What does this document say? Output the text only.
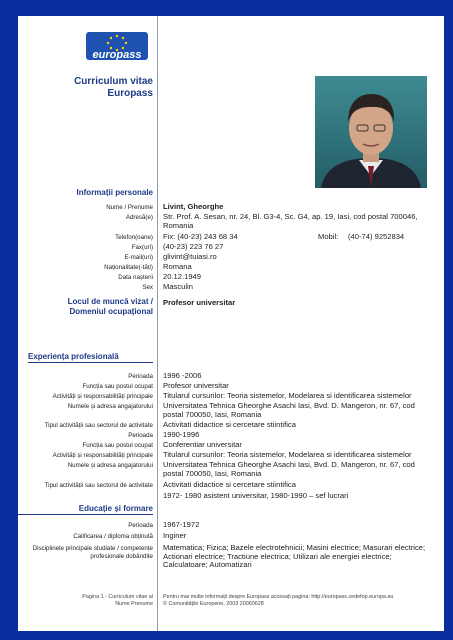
europass
Curriculum vitae
Europass
Informații personale
Nume / Prenume Livint, Gheorghe
Adresă(e) Str. Prof. A. Sesan, nr. 24, Bl. G3-4, Sc. G4, ap. 19, Iasi, cod postal 700046, Romania
Telefon(oane) Fix: (40-23) 243 68 34	Mobil:	(40-74) 9252834
Fax(uri) (40-23) 223 76 27
E-mail(uri) glivint@tuiasi.ro
Naționalitate(-tăți) Romana
Data nașterii 20.12.1949
Sex Masculin
Locul de muncă vizat /
Domeniul ocupațional
Profesor universitar
Experiența profesională
Perioada 1996 -2006
Funcția sau postul ocupat Profesor universitar
Activități și responsabilități principale Titularul cursurilor: Teoria sistemelor, Modelarea si identificarea sistemelor
Numele și adresa angajatorului Universitatea Tehnica Gheorghe Asachi Iasi, Bvd. D. Mangeron, nr. 67, cod postal 700050, Iasi, Romania
Tipul activității sau sectorul de activitate Activitati didactice si cercetare stiintifica
Perioada 1990-1996
Funcția sau postul ocupat Conferentiar universitar
Activități și responsabilități principale Titularul cursurilor: Teoria sistemelor, Modelarea si identificarea sistemelor
Numele și adresa angajatorului Universitatea Tehnica Gheorghe Asachi Iasi, Bvd. D. Mangeron, nr. 67, cod postal 700050, Iasi, Romania
Tipul activității sau sectorul de activitate Activitati didactice si cercetare stiintifica
1972- 1980 asistent universitar, 1980-1990 – sef lucrari
Educație și formare
Perioada 1967-1972
Calificarea / diploma obținută Inginer
Disciplinele principale studiate / competențe profesionale dobândite
Matematica; Fizica; Bazele electrotehnicii; Masini electrice; Masurari electrice; Actionari electrice; Tractiune electrica; Utilizari ale energiei electrice; Calculatoare; Automatizari
Pagina 1 - Curriculum vitae al
Nume Prenume
Pentru mai multe informații despre Europass accesați pagina: http://europass.cedefop.europa.eu
© Comunitățile Europene, 2003 20060628
